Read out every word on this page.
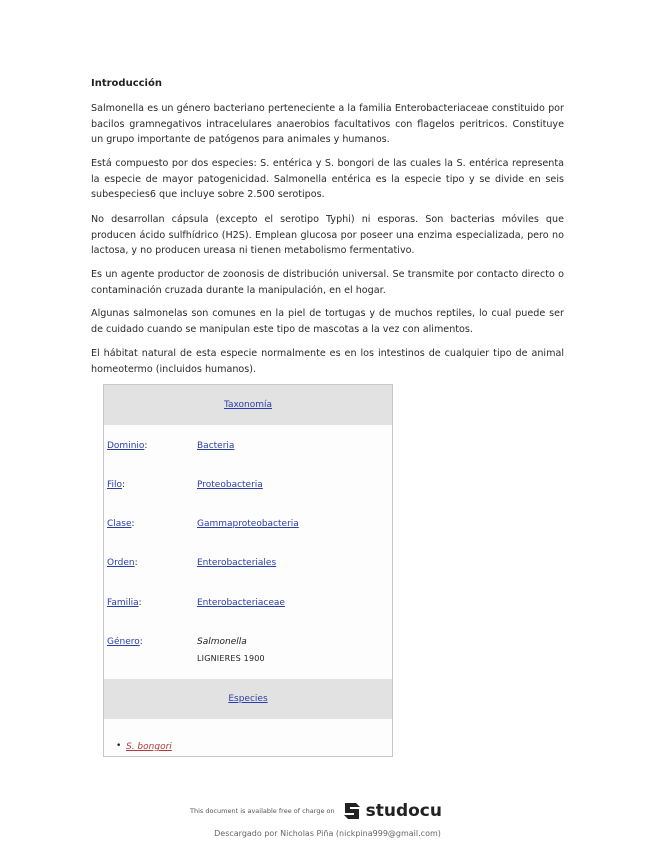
Introducción

Salmonella es un género bacteriano perteneciente a la familia Enterobacteriaceae constituido por bacilos gramnegativos intracelulares anaerobios facultativos con flagelos peritricos. Constituye un grupo importante de patógenos para animales y humanos.

Está compuesto por dos especies: S. entérica y S. bongori de las cuales la S. entérica representa la especie de mayor patogenicidad. Salmonella entérica es la especie tipo y se divide en seis subespecies6 que incluye sobre 2.500 serotipos.

No desarrollan cápsula (excepto el serotipo Typhi) ni esporas. Son bacterias móviles que producen ácido sulfhídrico (H2S). Emplean glucosa por poseer una enzima especializada, pero no lactosa, y no producen ureasa ni tienen metabolismo fermentativo.

Es un agente productor de zoonosis de distribución universal. Se transmite por contacto directo o contaminación cruzada durante la manipulación, en el hogar.

Algunas salmonelas son comunes en la piel de tortugas y de muchos reptiles, lo cual puede ser de cuidado cuando se manipulan este tipo de mascotas a la vez con alimentos.

El hábitat natural de esta especie normalmente es en los intestinos de cualquier tipo de animal homeotermo (incluidos humanos).

Taxonomía
Dominio:	Bacteria
Filo:	Proteobacteria
Clase:	Gammaproteobacteria
Orden:	Enterobacteriales
Familia:	Enterobacteriaceae
Género:	Salmonella
LIGNIERES 1900
Especies
• S. bongori
This document is available free of charge on studocu
Descargado por Nicholas Piña (nickpina999@gmail.com)
